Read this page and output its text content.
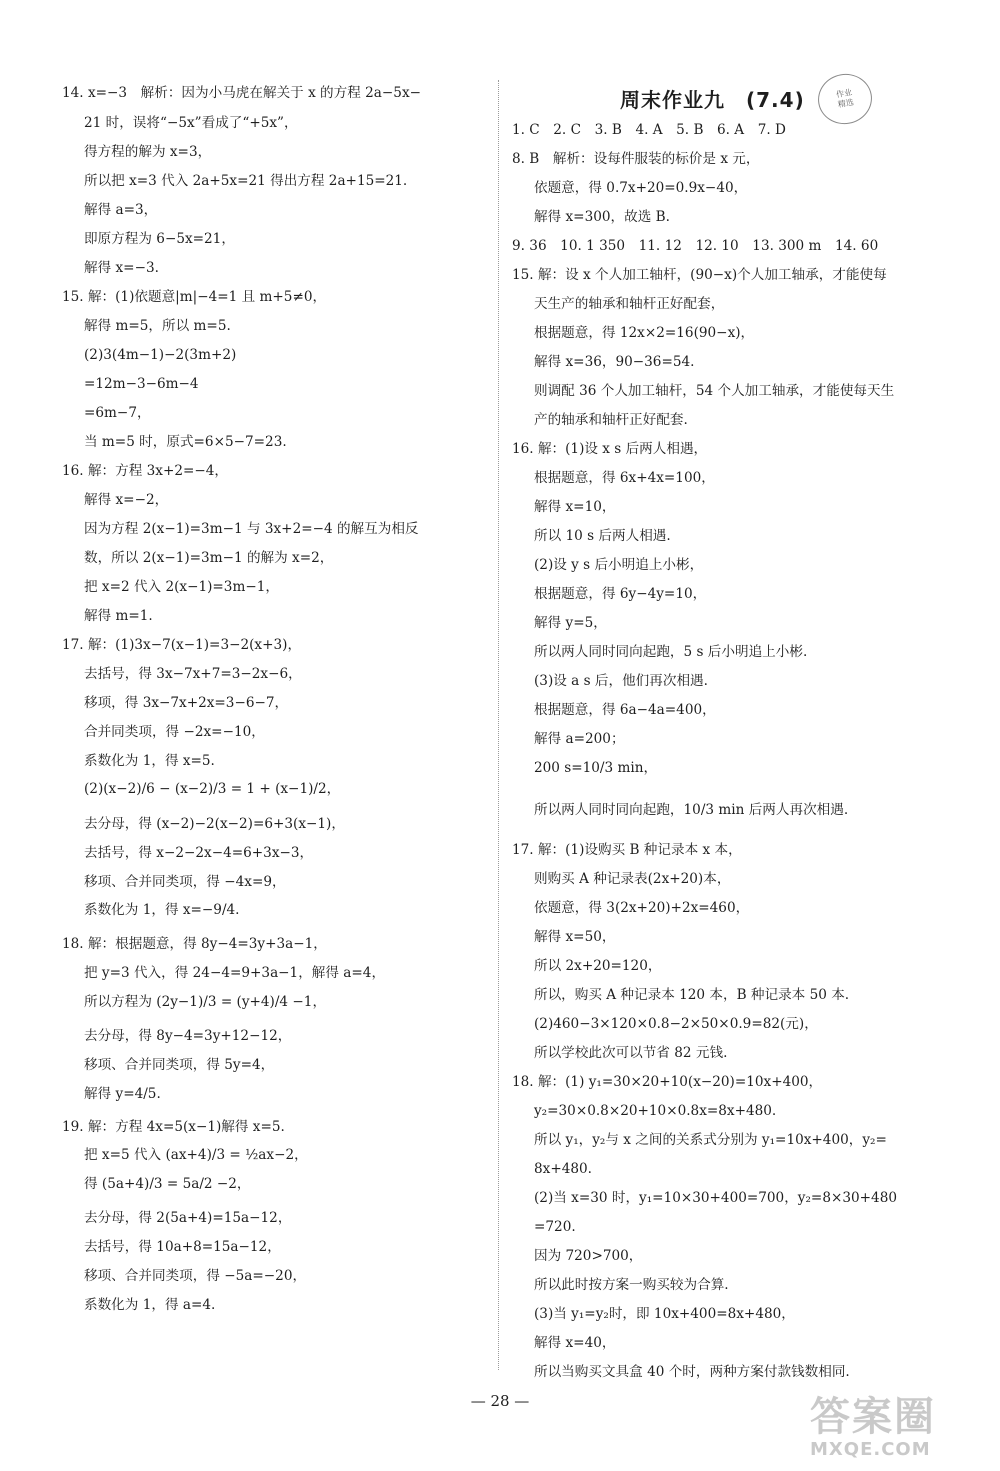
14. x=−3　解析：因为小马虎在解关于 x 的方程 2a−5x−
21 时，误将“−5x”看成了“+5x”，
得方程的解为 x=3，
所以把 x=3 代入 2a+5x=21 得出方程 2a+15=21.
解得 a=3，
即原方程为 6−5x=21，
解得 x=−3.
15. 解：(1)依题意|m|−4=1 且 m+5≠0，
解得 m=5，所以 m=5.
(2)3(4m−1)−2(3m+2)
=12m−3−6m−4
=6m−7，
当 m=5 时，原式=6×5−7=23.
16. 解：方程 3x+2=−4，
解得 x=−2，
因为方程 2(x−1)=3m−1 与 3x+2=−4 的解互为相反
数，所以 2(x−1)=3m−1 的解为 x=2，
把 x=2 代入 2(x−1)=3m−1，
解得 m=1.
17. 解：(1)3x−7(x−1)=3−2(x+3)，
去括号，得 3x−7x+7=3−2x−6，
移项，得 3x−7x+2x=3−6−7，
合并同类项，得 −2x=−10，
系数化为 1，得 x=5.
(2)(x−2)/6 − (x−2)/3 = 1 + (x−1)/2，
去分母，得 (x−2)−2(x−2)=6+3(x−1)，
去括号，得 x−2−2x−4=6+3x−3，
移项、合并同类项，得 −4x=9，
系数化为 1，得 x=−9/4.
18. 解：根据题意，得 8y−4=3y+3a−1，
把 y=3 代入，得 24−4=9+3a−1，解得 a=4，
所以方程为 (2y−1)/3 = (y+4)/4 −1，
去分母，得 8y−4=3y+12−12，
移项、合并同类项，得 5y=4，
解得 y=4/5.
19. 解：方程 4x=5(x−1)解得 x=5.
把 x=5 代入 (ax+4)/3 = ½ax−2，
得 (5a+4)/3 = 5a/2 −2，
去分母，得 2(5a+4)=15a−12，
去括号，得 10a+8=15a−12，
移项、合并同类项，得 −5a=−20，
系数化为 1，得 a=4.
周末作业九　(7.4)	作业
精选
1. C　2. C　3. B　4. A　5. B　6. A　7. D
8. B　解析：设每件服装的标价是 x 元，
依题意，得 0.7x+20=0.9x−40，
解得 x=300，故选 B.
9. 36　10. 1 350　11. 12　12. 10　13. 300 m　14. 60
15. 解：设 x 个人加工轴杆，(90−x)个人加工轴承，才能使每
天生产的轴承和轴杆正好配套，
根据题意，得 12x×2=16(90−x)，
解得 x=36，90−36=54.
则调配 36 个人加工轴杆，54 个人加工轴承，才能使每天生
产的轴承和轴杆正好配套.
16. 解：(1)设 x s 后两人相遇，
根据题意，得 6x+4x=100，
解得 x=10，
所以 10 s 后两人相遇.
(2)设 y s 后小明追上小彬，
根据题意，得 6y−4y=10，
解得 y=5，
所以两人同时同向起跑，5 s 后小明追上小彬.
(3)设 a s 后，他们再次相遇.
根据题意，得 6a−4a=400，
解得 a=200；
200 s=10/3 min，
所以两人同时同向起跑，10/3 min 后两人再次相遇.
17. 解：(1)设购买 B 种记录本 x 本，
则购买 A 种记录表(2x+20)本，
依题意，得 3(2x+20)+2x=460，
解得 x=50，
所以 2x+20=120，
所以，购买 A 种记录本 120 本，B 种记录本 50 本.
(2)460−3×120×0.8−2×50×0.9=82(元)，
所以学校此次可以节省 82 元钱.
18. 解：(1) y₁=30×20+10(x−20)=10x+400，
y₂=30×0.8×20+10×0.8x=8x+480.
所以 y₁，y₂与 x 之间的关系式分别为 y₁=10x+400，y₂=
8x+480.
(2)当 x=30 时，y₁=10×30+400=700，y₂=8×30+480
=720.
因为 720>700，
所以此时按方案一购买较为合算.
(3)当 y₁=y₂时，即 10x+400=8x+480，
解得 x=40，
所以当购买文具盒 40 个时，两种方案付款钱数相同.
— 28 —	答案圈
MXQE.COM
